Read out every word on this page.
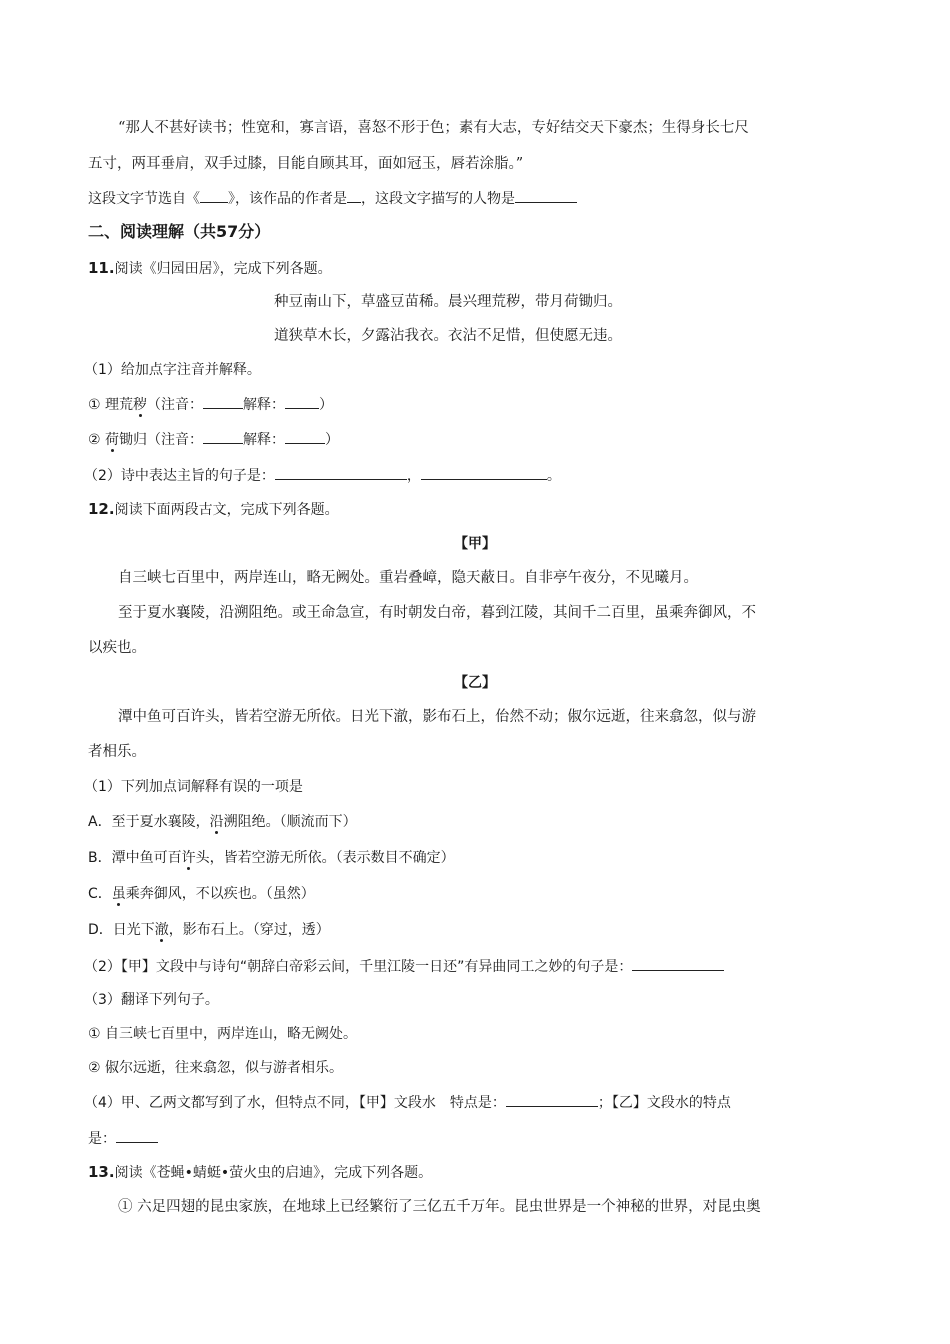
“那人不甚好读书；性宽和，寡言语，喜怒不形于色；素有大志，专好结交天下豪杰；生得身长七尺
五寸，两耳垂肩，双手过膝，目能自顾其耳，面如冠玉，唇若涂脂。”
这段文字节选自《 》，该作品的作者是 ，这段文字描写的人物是
二、阅读理解（共57分）
11.阅读《归园田居》，完成下列各题。
种豆南山下，草盛豆苗稀。晨兴理荒秽，带月荷锄归。
道狭草木长，夕露沾我衣。衣沾不足惜，但使愿无违。
（1）给加点字注音并解释。
① 理荒秽（注音：	解释： ）
② 荷锄归（注音：	解释：	）
（2）诗中表达主旨的句子是：	，	。
12.阅读下面两段古文，完成下列各题。
【甲】
自三峡七百里中，两岸连山，略无阙处。重岩叠嶂，隐天蔽日。自非亭午夜分，不见曦月。
至于夏水襄陵，沿溯阻绝。或王命急宣，有时朝发白帝，暮到江陵，其间千二百里，虽乘奔御风，不
以疾也。
【乙】
潭中鱼可百许头，皆若空游无所依。日光下澈，影布石上，佁然不动；俶尔远逝，往来翕忽，似与游
者相乐。
（1）下列加点词解释有误的一项是
A．至于夏水襄陵，沿溯阻绝。（顺流而下）
B．潭中鱼可百许头，皆若空游无所依。（表示数目不确定）
C．虽乘奔御风，不以疾也。（虽然）
D．日光下澈，影布石上。（穿过，透）
（2）【甲】文段中与诗句“朝辞白帝彩云间，千里江陵一日还”有异曲同工之妙的句子是：
（3）翻译下列句子。
① 自三峡七百里中，两岸连山，略无阙处。
② 俶尔远逝，往来翕忽，似与游者相乐。
（4）甲、乙两文都写到了水，但特点不同，【甲】文段水　特点是：	；【乙】文段水的特点
是：
13.阅读《苍蝇•蜻蜓•萤火虫的启迪》，完成下列各题。
① 六足四翅的昆虫家族，在地球上已经繁衍了三亿五千万年。昆虫世界是一个神秘的世界，对昆虫奥
